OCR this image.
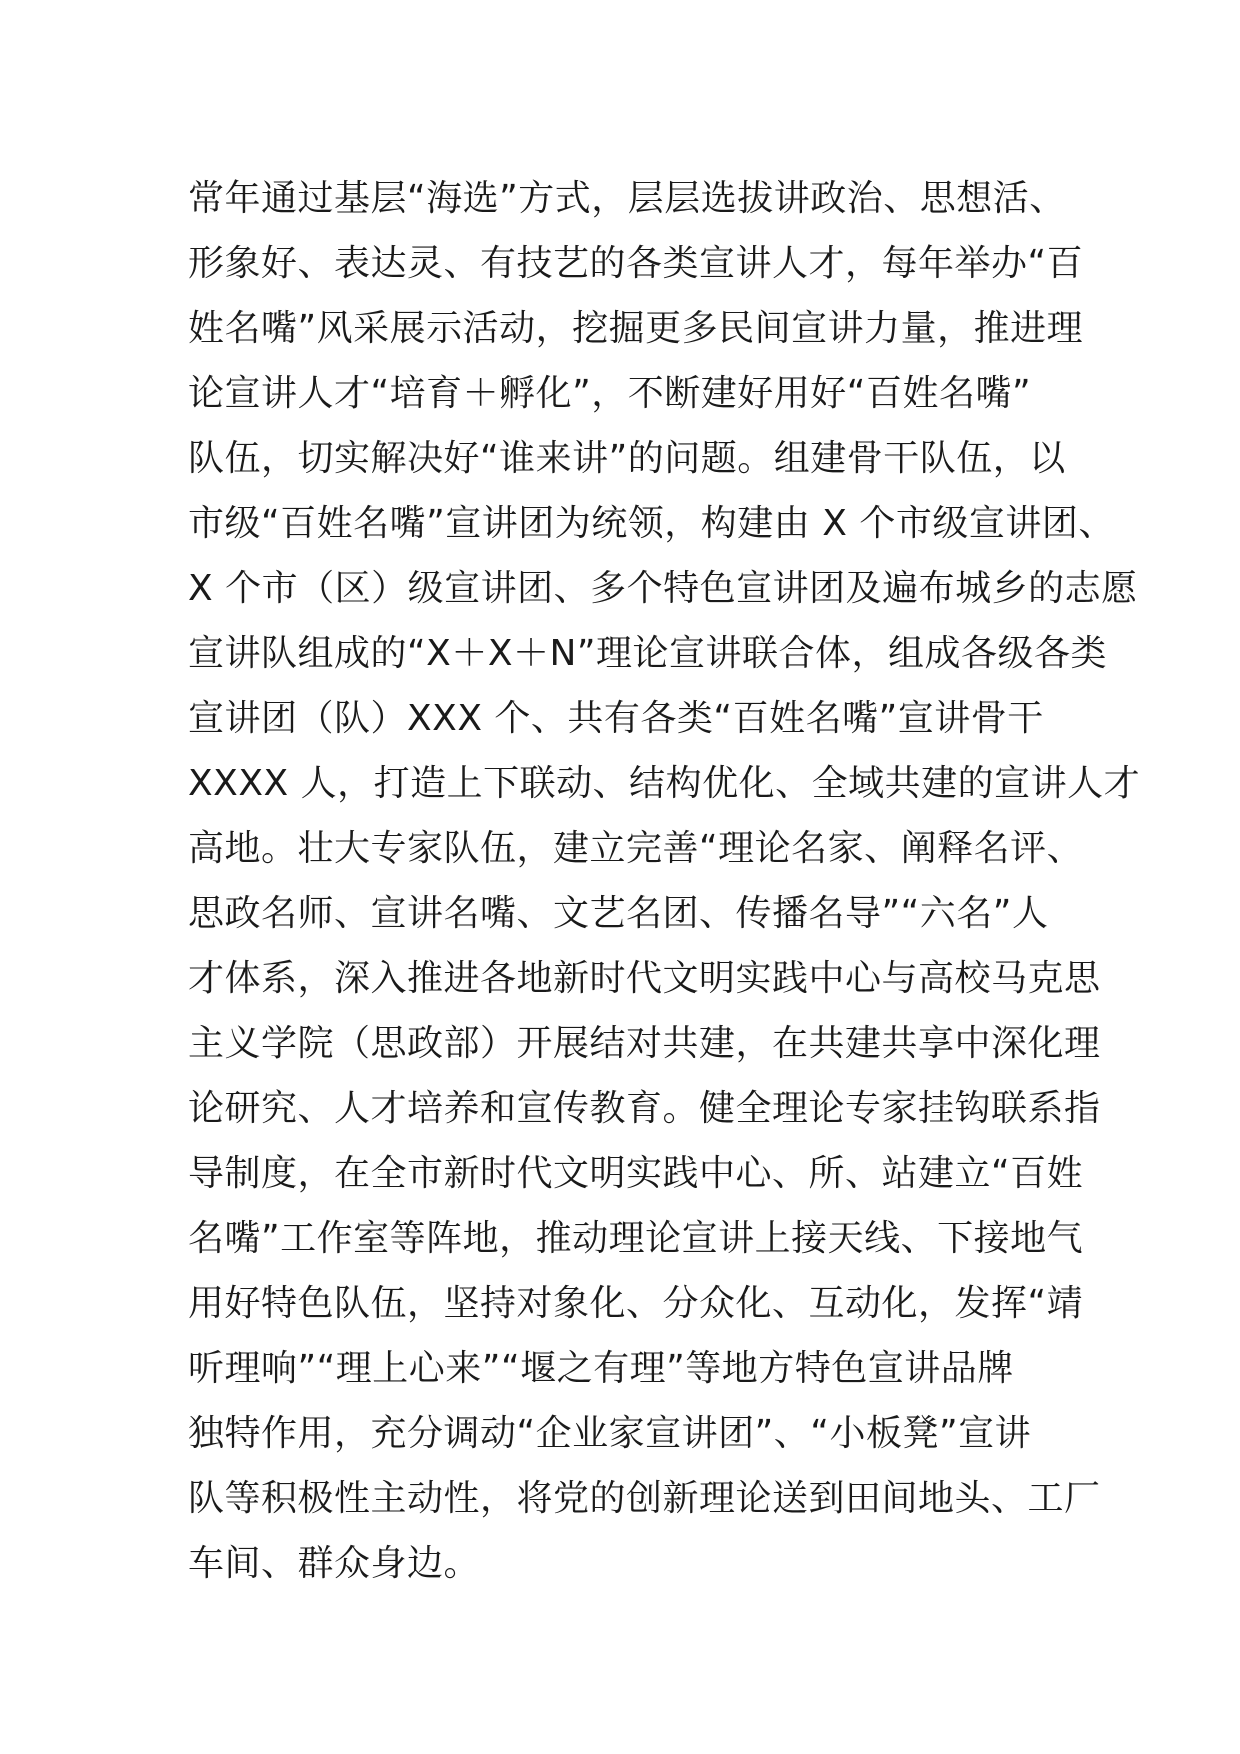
常年通过基层“海选”方式，层层选拔讲政治、思想活、
形象好、表达灵、有技艺的各类宣讲人才，每年举办“百
姓名嘴”风采展示活动，挖掘更多民间宣讲力量，推进理
论宣讲人才“培育＋孵化”，不断建好用好“百姓名嘴”
队伍，切实解决好“谁来讲”的问题。组建骨干队伍，以
市级“百姓名嘴”宣讲团为统领，构建由 X 个市级宣讲团、
X 个市（区）级宣讲团、多个特色宣讲团及遍布城乡的志愿
宣讲队组成的“X＋X＋N”理论宣讲联合体，组成各级各类
宣讲团（队）XXX 个、共有各类“百姓名嘴”宣讲骨干
XXXX 人，打造上下联动、结构优化、全域共建的宣讲人才
高地。壮大专家队伍，建立完善“理论名家、阐释名评、
思政名师、宣讲名嘴、文艺名团、传播名导”“六名”人
才体系，深入推进各地新时代文明实践中心与高校马克思
主义学院（思政部）开展结对共建，在共建共享中深化理
论研究、人才培养和宣传教育。健全理论专家挂钩联系指
导制度，在全市新时代文明实践中心、所、站建立“百姓
名嘴”工作室等阵地，推动理论宣讲上接天线、下接地气
用好特色队伍，坚持对象化、分众化、互动化，发挥“靖
听理响”“理上心来”“堰之有理”等地方特色宣讲品牌
独特作用，充分调动“企业家宣讲团”、“小板凳”宣讲
队等积极性主动性，将党的创新理论送到田间地头、工厂
车间、群众身边。
